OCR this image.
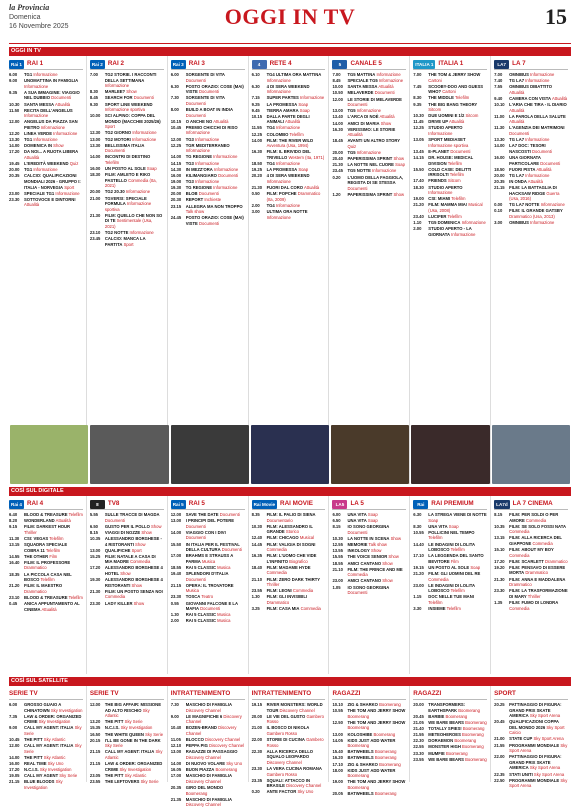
la Provincia
Domenica
16 Novembre 2025	OGGI IN TV	15
OGGI IN TV
Rai 1 RAI 1
6.00	TG1 Informazione
9.00	UNOMATTINA IN FAMIGLIA Informazione
9.35	A SUA IMMAGINE: VIAGGIO NEL DUBBIO Documenti
10.30	SANTA MESSA Attualità
11.50	RECITA DELL'ANGELUS Informazione
12.00	ANGELUS DA PIAZZA SAN PIETRO Informazione
12.20	LINEA VERDE Informazione
13.30	TG1 Informazione
14.00	DOMENICA IN Show
17.20	DA NOI... A RUOTA LIBERA Attualità
19.45	L'EREDITÀ WEEKEND Quiz
20.00	TG1 Informazione
20.35	CALCIO: QUALIFICAZIONI MONDIALI 2026 - GRUPPO I: ITALIA - NORVEGIA Sport
23.00	SPECIALE TG1 Informazione
23.30	SOTTOVOCE E DINTORNI Attualità
Rai 2 RAI 2
7.00	TG2 STORIE. I RACCONTI DELLA SETTIMANA Informazione
8.30	MARLEE? Show
8.45	SEARCH FOR Documenti
9.30	SPORT LINE WEEKEND Informazione sportiva
10.00	SCI ALPINO: COPPA DEL MONDO (MACCHIE 2025/26) Sport
12.30	TG2 GIORNO Informazione
13.00	TG2 MOTORI Informazione
13.30	BELLISSIMA ITALIA Documenti
14.00	INCONTRI DI DESTINO Telefilm
16.00	UN POSTO AL SOLE Soap
18.30	FILM: AMLETO E RIKO PASTELLO Commedia (Ita, 2021)
20.00	TG2 20.30 Informazione
21.00	TGVERSI: SPECIALE FORMULA Informazione sportiva
21.30	FILM: QUELLO CHE NON SO DI TE Sentimentale (Usa, 2021)
23.10	TG2 NOTTE Informazione
23.45	CALCIO: MANCA LA PARTITA Sport
Rai 3 RAI 3
6.00	SORGENTE DI VITA Documenti
6.30	POSTO ORAZIO: COSE (MAI) VISTE Documenti
7.30	SORGENTE DI VITA Documenti
8.00	BUILD A BOAT IN INDIA Documenti
10.15	O ANCHE NO Attualità
10.45	PREMIO CHICCHI DI RISO Informazione
12.00	TG3 Informazione
12.25	TGR MEDITERRANEO Informazione
14.00	TG REGIONE Informazione
14.15	TG3 Informazione
14.30	IN MEZZ'ORA Informazione
16.00	KILIMANGIARO Documenti
19.00	TG3 Informazione
19.30	TG REGIONE Informazione
20.00	BLOB Documenti
20.30	REPORT Inchieste
23.15	ALLEGRA MA NON TROPPO Talk show
24.45	POSTO ORAZIO: COSE (MAI) VISTE Documenti
4	RETE 4
6.10	TG4 ULTIMA ORA MATTINA Informazione
6.30	4 DI SERA WEEKEND Informazione
7.15	SUPER PARTES Informazione
9.25	LA PROMESSA Soap
9.45	TIERRA AMARA Soap
10.15	DALLA PARTE DEGLI ANIMALI Attualità
11.55	TG4 Informazione
12.25	COLOMBO Telefilm
14.00	FILM: THE RIVER WILD Avventura (Usa, 1994)
16.30	FILM: IL BRIVIDO DEL TRIVELLO Western (Ita, 1971)
18.50	TG4 Informazione
19.25	LA PROMESSA Soap
20.20	4 DI SERA WEEKEND Informazione
21.30	FUORI DAL CORO Attualità
0.50	FILM: POPCHE Drammatico (Ita, 2009)
2.00	TG4 Informazione
3.00	ULTIMA ORA NOTTE Informazione
5	CANALE 5
7.00	TG5 MATTINA Informazione
8.45	SPECIALE TG5 Informazione
10.00	SANTA MESSA Attualità
10.50	MELAVERDE Documenti
12.00	LE STORIE DI MELAVERDE Documenti
13.00	TG5 Informazione
13.40	L'ARCA DI NOÈ Attualità
14.00	AMICI DI MARIA Show
16.30	VERISSIMO: LE STORIE Attualità
18.45	AVANTI UN ALTRO STORY Quiz
20.00	TG5 Informazione
20.40	PAPERISSIMA SPRINT Show
21.30	LA NOTTE NEL CUORE Soap
23.45	TG5 NOTTE Informazione
0.20	L'UOMO DELLA FAGGIOLA, REGISTA DI SE STESSA Documenti
1.20	PAPERISSIMA SPRINT Show
ITALIA 1 ITALIA 1
7.00	THE TOM & JERRY SHOW Cartoni
7.45	SCOOBY-DOO AND GUESS WHO? Cartoni
8.30	THE MIDDLE Telefilm
9.35	THE BIG BANG THEORY Sitcom
10.30	DUE UOMINI E 1/2 Sitcom
11.45	DRIVE UP Attualità
12.25	STUDIO APERTO Informazione
13.05	SPORT MEDIASET Informazione sportiva
13.45	E-PLANET Documenti
14.15	DR. HOUSE: MEDICAL DIVISION Telefilm
15.50	COLD CASE: DELITTI IRRISOLTI Telefilm
17.40	FRIENDS Sitcom
18.30	STUDIO APERTO Informazione
19.00	CSI: MIAMI Telefilm
21.20	FILM: MAMMA MIA! Musical (Usa, 2008)
23.40	LUCIFER Telefilm
1.10	TG5 DOMENICA Informazione
2.00	STUDIO APERTO - LA GIORNATA Informazione
LA7 LA 7
7.00	OMNIBUS Informazione
7.40	TG LA7 Informazione
7.55	OMNIBUS DIBATTITO Attualità
9.40	CAMERA CON VISTA Attualità
10.10	L'ARIA CHE TIRA - IL DIARIO Attualità
11.00	LA PAROLA DELLA SALUTE Attualità
11.30	L'AGENZIA DEI MATRIMONI Documenti
13.30	TG LA7 Informazione
14.00	LA7 DOC: TESORI NASCOSTI Documenti
16.00	UNA GIORNATA PARTICOLARE Documenti
18.50	FUORI PISTA Attualità
20.00	TG LA7 Informazione
20.35	IN ONDA Attualità
21.15	FILM: LA BATTAGLIA DI HACKSAW RIDGE Guerra (Usa, 2016)
0.00	TG LA7 NOTTE Informazione
0.10	FILM: IL GRANDE GATSBY Drammatico (Usa, 2013)
3.00	OMNIBUS Informazione
COSÌ SUL DIGITALE
Rai 4 RAI 4
6.40	BLOOD & TREASURE Telefilm
8.20	WONDERLAND Attualità
9.15	FILM: DARKEST HOUR Thriller
11.30	CSI: VEGAS Telefilm
13.15	SQUADRA SPECIALE COBRA 11 Telefilm
14.55	THE OTHER Film
16.40	FILM: IL PROFESSORE Drammatico
18.35	LA PICCOLA CASA NEL BOSCO Telefilm
21.20	FILM: IL MAESTRO Drammatico
23.10	BLOOD & TREASURE Telefilm
0.45	ANICA APPUNTAMENTO AL CINEMA Attualità
8	TV8
5.55	SULLE TRACCE DI MAGDA Documenti
6.50	GUSTO PER IL POLLO Show
8.15	VIAGGI DI NOZZE Show
10.35	ALESSANDRO BORGHESE - 4 RISTORANTI Show
13.00	QUALIFICHE Sport
15.25	FILM: NATALE A CASA DI MIA MADRE Commedia
17.20	ALESSANDRO BORGHESE 4 HOTEL Show
19.30	ALESSANDRO BORGHESE 4 RISTORANTI Show
21.30	FILM: UN POSTO SENZA NOI Commedia
23.30	LADY KILLER Show
Rai 5 RAI 5
12.00	SAVE THE DATE Documenti
13.00	I PRINCIPI DEL POTERE Documenti
14.00	VIAGGIO CON I DIVI Documenti
15.50	IN ITALIA PER IL FESTIVAL DELLA CULTURA Documenti
17.00	BRAHMS E STRAUSS A PARMA Musica
18.55	RAI 5 CLASSIC Musica
19.40	SPLENDORI D'ITALIA Documenti
21.15	OPERA: IL TROVATORE Musica
23.30	TOSCA Teatro
0.55	GIOVANNI FALCONE E LA MAFIA Documenti
1.30	RAI 5 CLASSIC Musica
2.00	RAI 5 CLASSIC Musica
Rai Movie RAI MOVIE
8.35	FILM: IL PALIO DI SIENA Documentario
10.30	FILM: ALESSANDRO IL GRANDE Storico
12.40	FILM: CHICAGO Musical
14.45	FILM: VALIGIA DI SOGNI Commedia
16.35	FILM: L'UOMO CHE VIDE L'INFINITO Biografico
18.40	FILM: MADAME HYDE Commedia
21.10	FILM: ZERO DARK THIRTY Thriller
23.55	FILM: LEONI Commedia
1.30	FILM: GLI INVISIBILI Drammatico
3.25	FILM: CASA MIA Commedia
LA5 LA 5
6.00	UNA VITA Soap
6.50	UNA VITA Soap
8.15	IO SONO GEORGINA Documenti
10.30	LA NOTTE IN SCENA Show
12.55	MEMORIE Talk show
13.55	INKOLOGY Show
15.55	THE VOICE SENIOR Show
18.55	AMICI CANTANO Show
21.10	FILM: THE PRINCE AND ME Commedia
23.00	AMICI CANTANO Show
1.05	IO SONO GEORGINA Documenti
Rai	RAI PREMIUM
6.30	LA STREGA VIENE DI NOTTE Soap
8.30	UNA VITA Soap
10.55	POLLICINI NEL TEMPO Telefilm
14.40	LE INDAGINI DI LOLITA LOBOSCO Telefilm
17.10	LA LEGGENDA DEL SANTO BEVITORE Film
19.15	UN POSTO AL SOLE Soap
21.20	FILM: GLI UOMINI DEL RE Commedia
23.00	LE INDAGINI DI LOLITA LOBOSCO Telefilm
1.15	DOC NELLE TUE MANI Telefilm
3.30	INSIEME Telefilm
LA7d LA 7 CINEMA
8.15	FILM: PER SOLDI O PER AMORE Commedia
10.35	FILM: SE SOLO FOSSI NATA Commedia
13.15	FILM: ALLA RICERCA DEL GIAPPONE Commedia
15.10	FILM: ABOUT MY BOY Commedia
17.20	FILM: SCARLETT Drammatico
19.20	FILM: PENSAVO DI ESSERE MORTA Drammatico
21.30	FILM: ANNA E MADDALENA Drammatico
23.30	FILM: LA TRASFORMAZIONE DI MARY Thriller
1.35	FILM: FUMO DI LONDRA Commedia
COSÌ SUL SATELLITE
SERIE TV
6.00	GROSSO GUAIO A CHINATOWN Sky Investigation
7.35	LAW & ORDER: ORGANIZED CRIME Sky Investigation
9.00	CALL MY AGENT: ITALIA Sky Serie
10.45	THE PITT Sky Atlantic
12.00	CALL MY AGENT: ITALIA Sky Serie
14.00	THE PITT Sky Atlantic
16.00	REAL TIME Sky Uno
17.20	N.C.I.S. Sky Investigation
19.05	CALL MY AGENT Sky Serie
21.15	BLUE BLOODS Sky Investigation
SERIE TV
12.00	THE BIG AFFAIR: MISSIONE AD ALTO RISCHIO Sky Atlantic
13.20	THE PITT Sky Serie
15.35	N.C.I.S. Sky Investigation
16.50	THE WHITE QUEEN Sky Serie
20.15	I'LL BE GONE IN THE DARK Sky Serie
21.15	CALL MY AGENT: ITALIA Sky Atlantic
21.15	LAW & ORDER: ORGANIZED CRIME Sky Investigation
23.05	THE PITT Sky Atlantic
23.55	THE LEFTOVERS Sky Serie
INTRATTENIMENTO
7.30	MASCHIO DI FAMIGLIA Discovery Channel
9.00	LE MAGNIFICHE 6 Discovery Channel
10.40	BOZEN-BRAND Discovery Channel
11.05	BLOCCO Discovery Channel
12.10	PEPPA PIG Discovery Channel
13.00	RAGAZZE DI PASSAGGIO Discovery Channel
14.00	DI NUOVO VOLARE Sky Uno
16.05	BUON PIAZZA Boomerang
17.00	MASCHIO DI FAMIGLIA Discovery Channel
20.35	GIRO DEL MONDO Boomerang
21.35	MASCHIO DI FAMIGLIA Discovery Channel
INTRATTENIMENTO
19.15	RIVER MONSTERS: WORLD TOUR Discovery Channel
20.00	LE VIE DEL GUSTO Gambero Rosso
21.00	IL BOSCO DI NIKOLA Gambero Rosso
22.00	STORIE DI CUCINA Gambero Rosso
22.30	ALLA RICERCA DELLO SQUALO LEOPARDO Discovery Channel
23.30	LA VERA CUCINA ROMANA Gambero Rosso
23.35	SQUALI: ATTACCO IN BRASILE Discovery Channel
0.20	ANTE FACTOR Sky Uno
RAGAZZI
10.10	ZIG & SHARKO Boomerang
10.55	THE TOM AND JERRY SHOW Boomerang
12.50	THE TOM AND JERRY SHOW Boomerang
13.00	KOLOSHIBE Boomerang
14.05	KIDS JUST ADD WATER Boomerang
15.40	BATWHEELS Boomerang
16.20	BATWHEELS Boomerang
17.10	ZIG & SHARKO Boomerang
18.00	KIDS JUST ADD WATER Boomerang
19.00	THE TOM AND JERRY SHOW Boomerang
20.05	BATWHEELS Boomerang
RAGAZZI
20.00	TRANSFORMERS: EARTHSPARK Boomerang
20.45	BARBIE Boomerang
21.05	WE BARE BEARS Boomerang
21.40	TOTALLY SPIES! Boomerang
21.55	METEOHEROES Boomerang
22.30	DORAEMON Boomerang
22.55	MONSTER HIGH Boomerang
23.30	MUMFIE Boomerang
23.55	WE BARE BEARS Boomerang
SPORT
20.25	PATTINAGGIO DI FIGURA: GRAND PRIX SKATE AMERICA Sky Sport Arena
20.45	QUALIFICAZIONI COPPA DEL MONDO 2026 Sky Sport Calcio
21.00	STATE CUP Sky Sport Arena
21.55	PROGRAMMI MONDIALE Sky Sport Arena
22.00	PATTINAGGIO DI FIGURA: GRAND PRIX SKATE AMERICA Sky Sport Arena
22.35	STATI UNITI Sky Sport Arena
22.50	PROGRAMMI MONDIALE Sky Sport Arena
